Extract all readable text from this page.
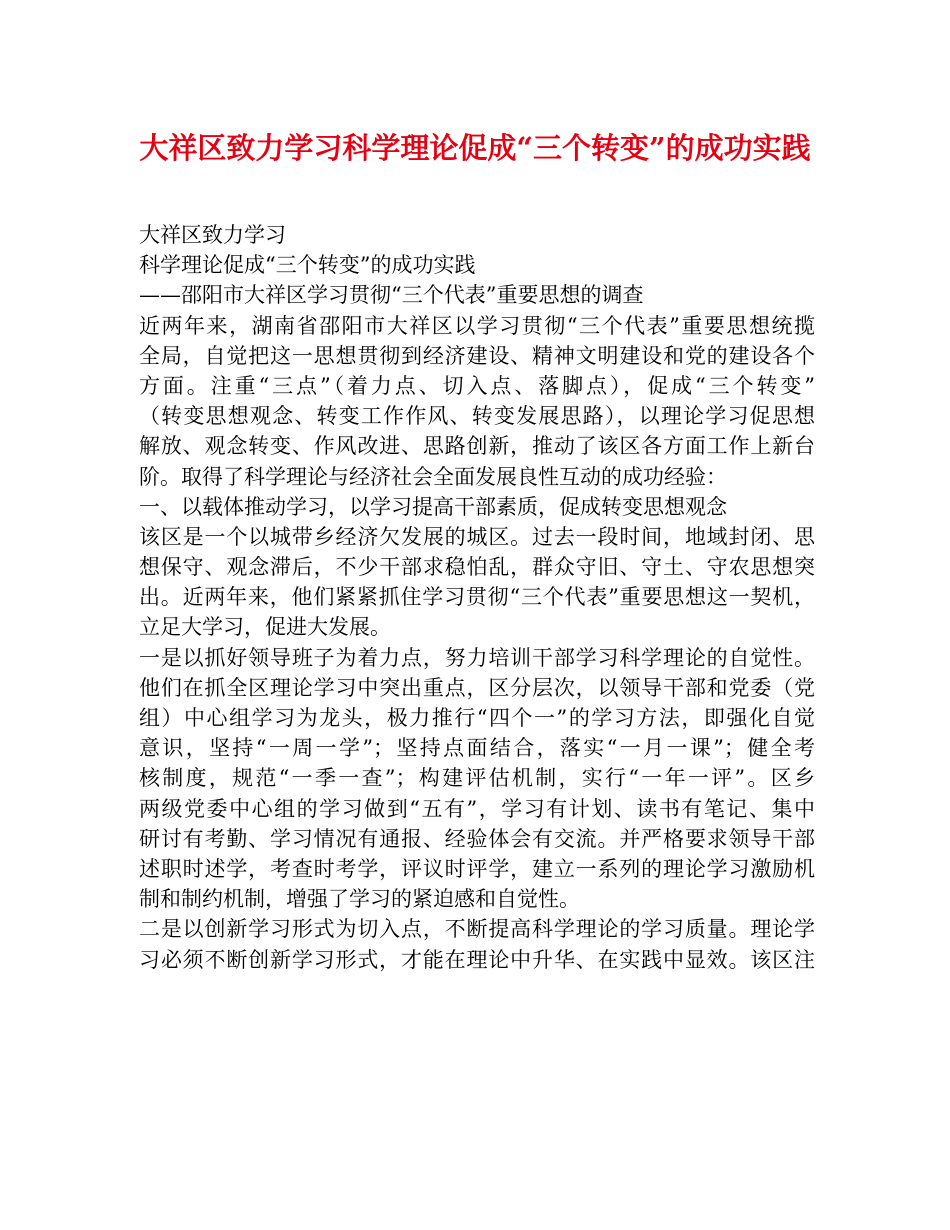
大祥区致力学习科学理论促成“三个转变”的成功实践
大祥区致力学习
科学理论促成“三个转变”的成功实践
——邵阳市大祥区学习贯彻“三个代表”重要思想的调查
近两年来，湖南省邵阳市大祥区以学习贯彻“三个代表”重要思想统揽
全局，自觉把这一思想贯彻到经济建设、精神文明建设和党的建设各个
方面。注重“三点”（着力点、切入点、落脚点），促成“三个转变”
（转变思想观念、转变工作作风、转变发展思路），以理论学习促思想
解放、观念转变、作风改进、思路创新，推动了该区各方面工作上新台
阶。取得了科学理论与经济社会全面发展良性互动的成功经验：
一、以载体推动学习，以学习提高干部素质，促成转变思想观念
该区是一个以城带乡经济欠发展的城区。过去一段时间，地域封闭、思
想保守、观念滞后，不少干部求稳怕乱，群众守旧、守土、守农思想突
出。近两年来，他们紧紧抓住学习贯彻“三个代表”重要思想这一契机，
立足大学习，促进大发展。
一是以抓好领导班子为着力点，努力培训干部学习科学理论的自觉性。
他们在抓全区理论学习中突出重点，区分层次，以领导干部和党委（党
组）中心组学习为龙头，极力推行“四个一”的学习方法，即强化自觉
意识，坚持“一周一学”；坚持点面结合，落实“一月一课”；健全考
核制度，规范“一季一查”；构建评估机制，实行“一年一评”。区乡
两级党委中心组的学习做到“五有”，学习有计划、读书有笔记、集中
研讨有考勤、学习情况有通报、经验体会有交流。并严格要求领导干部
述职时述学，考查时考学，评议时评学，建立一系列的理论学习激励机
制和制约机制，增强了学习的紧迫感和自觉性。
二是以创新学习形式为切入点，不断提高科学理论的学习质量。理论学
习必须不断创新学习形式，才能在理论中升华、在实践中显效。该区注
